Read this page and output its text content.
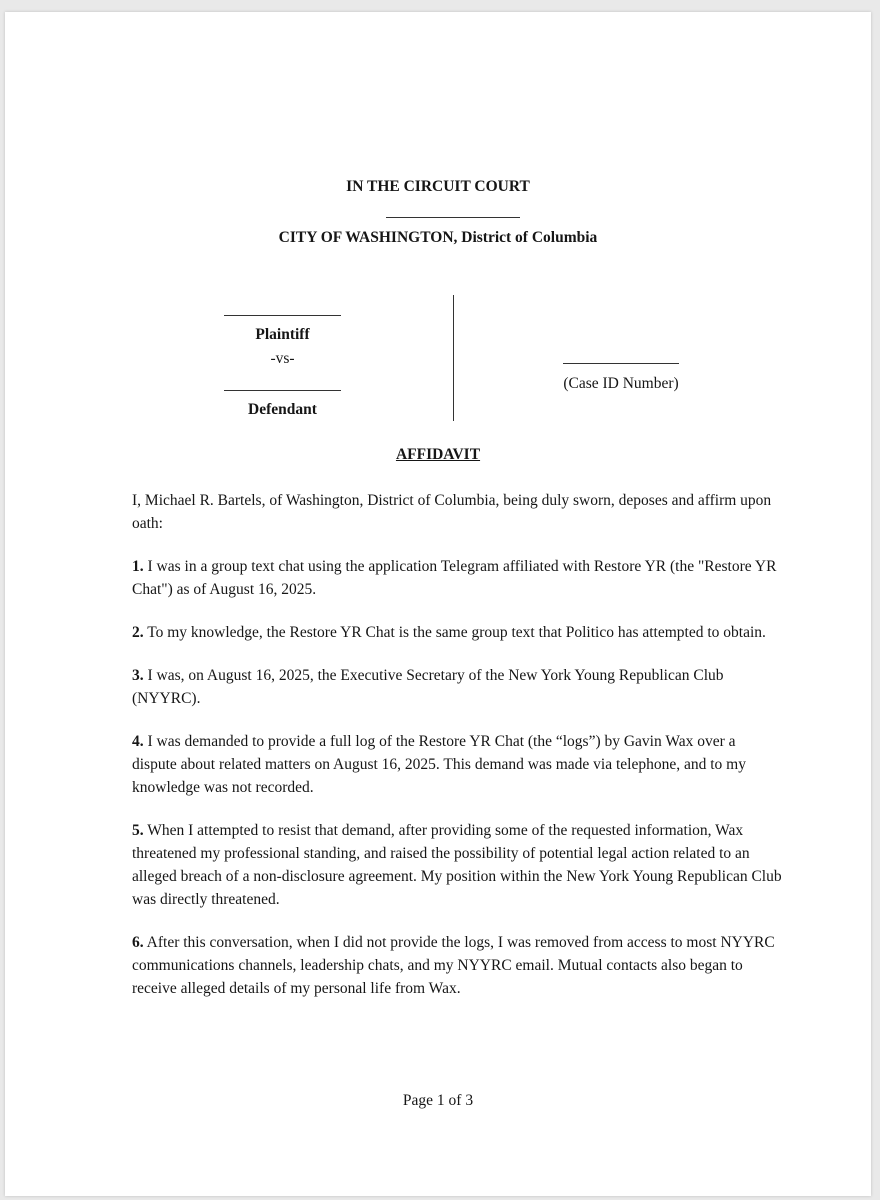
IN THE CIRCUIT COURT
CITY OF WASHINGTON, District of Columbia
Plaintiff
-vs-
Defendant
(Case ID Number)
AFFIDAVIT

I, Michael R. Bartels, of Washington, District of Columbia, being duly sworn, deposes and affirm upon oath:

1. I was in a group text chat using the application Telegram affiliated with Restore YR (the "Restore YR Chat") as of August 16, 2025.

2. To my knowledge, the Restore YR Chat is the same group text that Politico has attempted to obtain.

3. I was, on August 16, 2025, the Executive Secretary of the New York Young Republican Club (NYYRC).

4. I was demanded to provide a full log of the Restore YR Chat (the “logs”) by Gavin Wax over a dispute about related matters on August 16, 2025. This demand was made via telephone, and to my knowledge was not recorded.

5. When I attempted to resist that demand, after providing some of the requested information, Wax threatened my professional standing, and raised the possibility of potential legal action related to an alleged breach of a non-disclosure agreement. My position within the New York Young Republican Club was directly threatened.

6. After this conversation, when I did not provide the logs, I was removed from access to most NYYRC communications channels, leadership chats, and my NYYRC email. Mutual contacts also began to receive alleged details of my personal life from Wax.

Page 1 of 3
